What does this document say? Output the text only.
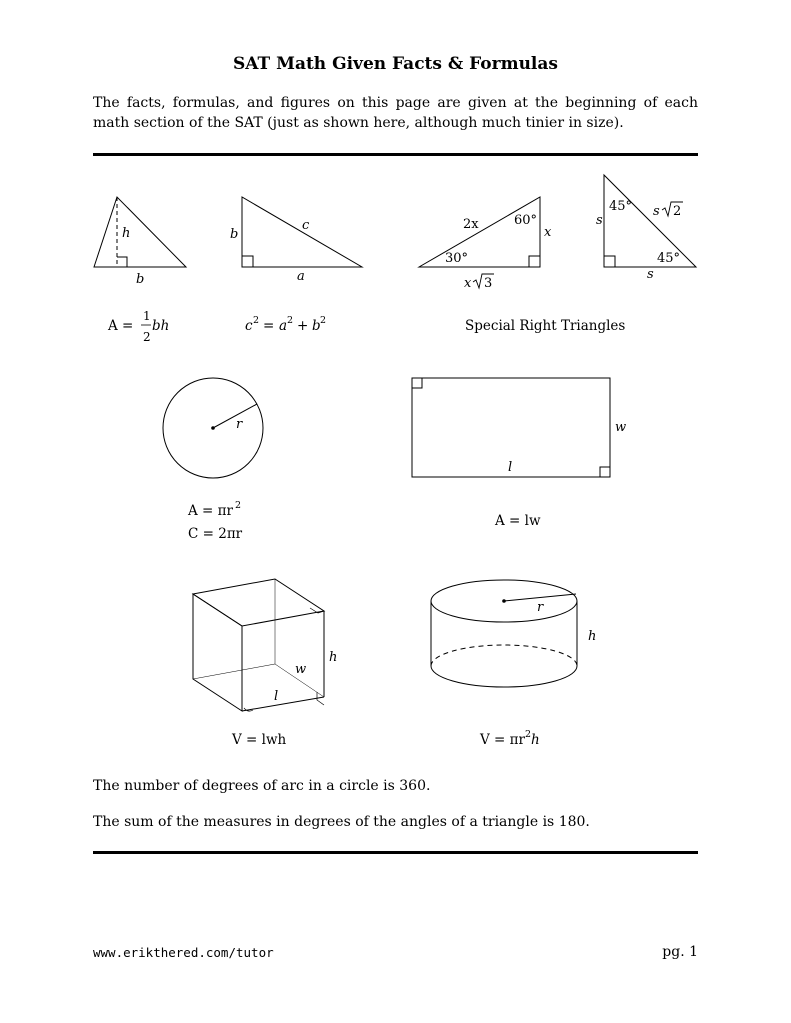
SAT Math Given Facts & Formulas
The facts, formulas, and figures on this page are given at the beginning of each math section of the SAT (just as shown here, although much tinier in size).
h
b
b
a
c	2x
x
x
s
s
s
r
l
w
l
w
h
r
h
60°
30°
45°
45°
3
2
A =
1
2
bh	c 2 = a 2 + b 2	Special Right Triangles
A = πr 2
C = 2πr
A = lw
V = lwh	$V = \pi r^2h$
The number of degrees of arc in a circle is 360.
The sum of the measures in degrees of the angles of a triangle is 180.
www.erikthered.com/tutor	pg. 1
